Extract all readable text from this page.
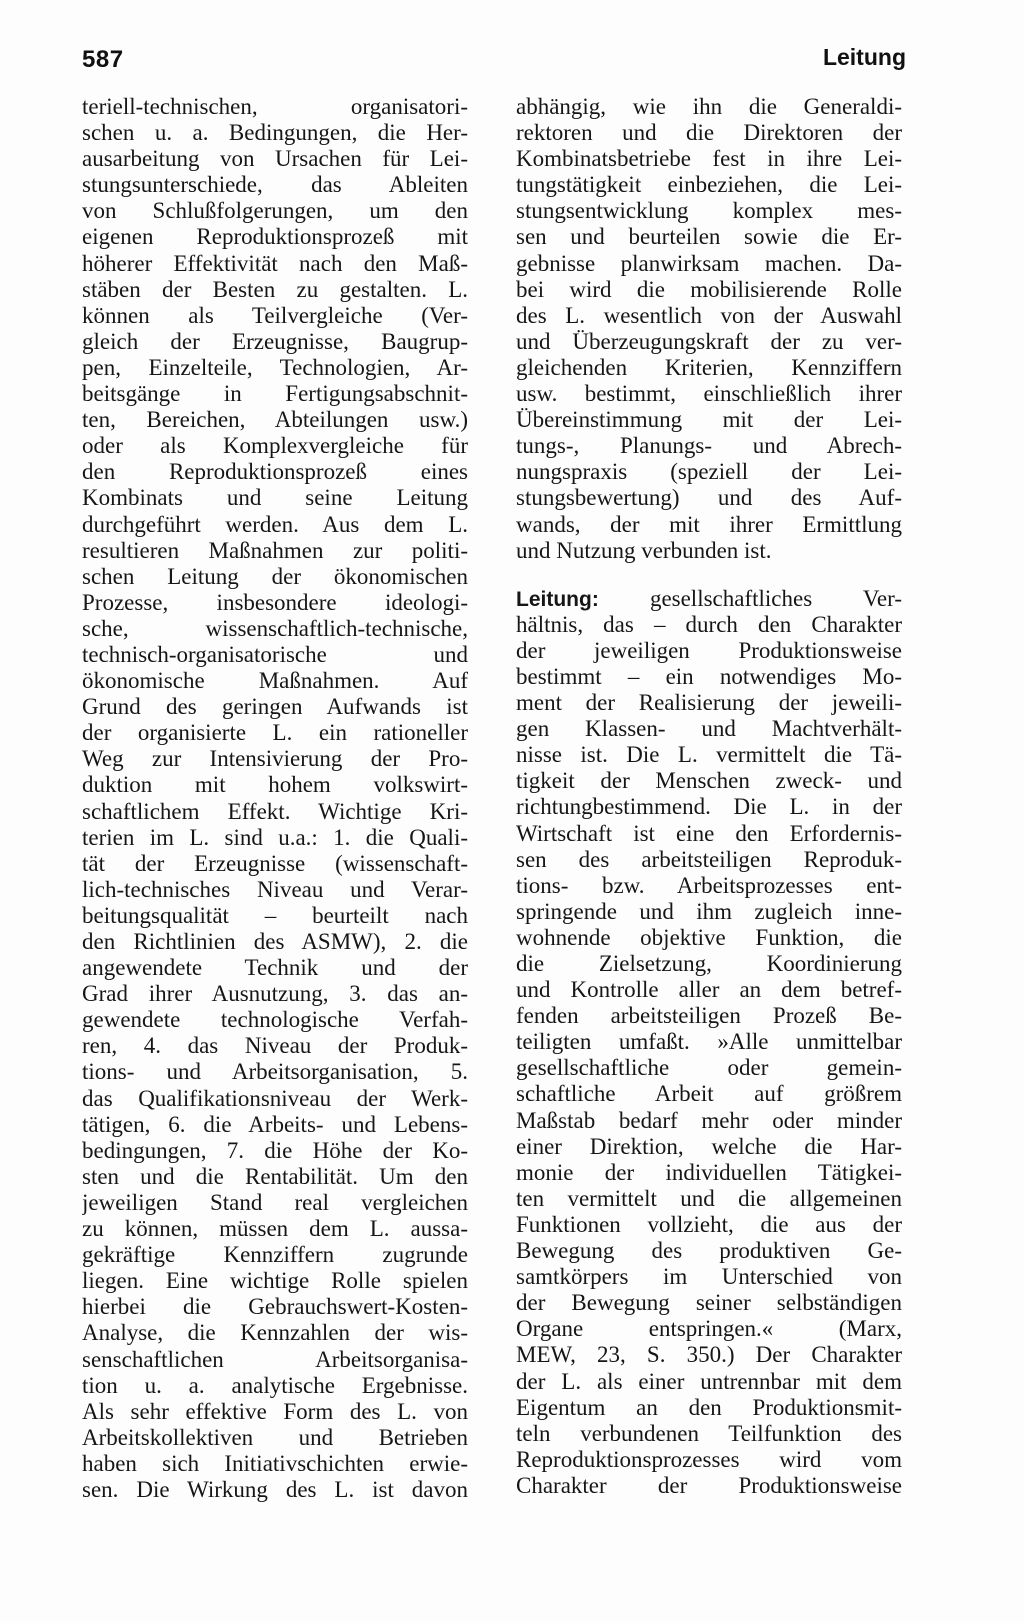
587	Leitung
teriell-technischen, organisatori-
schen u. a. Bedingungen, die Her-
ausarbeitung von Ursachen für Lei-
stungsunterschiede, das Ableiten
von Schlußfolgerungen, um den
eigenen Reproduktionsprozeß mit
höherer Effektivität nach den Maß-
stäben der Besten zu gestalten. L.
können als Teilvergleiche (Ver-
gleich der Erzeugnisse, Baugrup-
pen, Einzelteile, Technologien, Ar-
beitsgänge in Fertigungsabschnit-
ten, Bereichen, Abteilungen usw.)
oder als Komplexvergleiche für
den Reproduktionsprozeß eines
Kombinats und seine Leitung
durchgeführt werden. Aus dem L.
resultieren Maßnahmen zur politi-
schen Leitung der ökonomischen
Prozesse, insbesondere ideologi-
sche, wissenschaftlich-technische,
technisch-organisatorische und
ökonomische Maßnahmen. Auf
Grund des geringen Aufwands ist
der organisierte L. ein rationeller
Weg zur Intensivierung der Pro-
duktion mit hohem volkswirt-
schaftlichem Effekt. Wichtige Kri-
terien im L. sind u.a.: 1. die Quali-
tät der Erzeugnisse (wissenschaft-
lich-technisches Niveau und Verar-
beitungsqualität – beurteilt nach
den Richtlinien des ASMW), 2. die
angewendete Technik und der
Grad ihrer Ausnutzung, 3. das an-
gewendete technologische Verfah-
ren, 4. das Niveau der Produk-
tions- und Arbeitsorganisation, 5.
das Qualifikationsniveau der Werk-
tätigen, 6. die Arbeits- und Lebens-
bedingungen, 7. die Höhe der Ko-
sten und die Rentabilität. Um den
jeweiligen Stand real vergleichen
zu können, müssen dem L. aussa-
gekräftige Kennziffern zugrunde
liegen. Eine wichtige Rolle spielen
hierbei die Gebrauchswert-Kosten-
Analyse, die Kennzahlen der wis-
senschaftlichen Arbeitsorganisa-
tion u. a. analytische Ergebnisse.
Als sehr effektive Form des L. von
Arbeitskollektiven und Betrieben
haben sich Initiativschichten erwie-
sen. Die Wirkung des L. ist davon
abhängig, wie ihn die Generaldi-
rektoren und die Direktoren der
Kombinatsbetriebe fest in ihre Lei-
tungstätigkeit einbeziehen, die Lei-
stungsentwicklung komplex mes-
sen und beurteilen sowie die Er-
gebnisse planwirksam machen. Da-
bei wird die mobilisierende Rolle
des L. wesentlich von der Auswahl
und Überzeugungskraft der zu ver-
gleichenden Kriterien, Kennziffern
usw. bestimmt, einschließlich ihrer
Übereinstimmung mit der Lei-
tungs-, Planungs- und Abrech-
nungspraxis (speziell der Lei-
stungsbewertung) und des Auf-
wands, der mit ihrer Ermittlung
und Nutzung verbunden ist.
Leitung: gesellschaftliches Ver-
hältnis, das – durch den Charakter
der jeweiligen Produktionsweise
bestimmt – ein notwendiges Mo-
ment der Realisierung der jeweili-
gen Klassen- und Machtverhält-
nisse ist. Die L. vermittelt die Tä-
tigkeit der Menschen zweck- und
richtungbestimmend. Die L. in der
Wirtschaft ist eine den Erfordernis-
sen des arbeitsteiligen Reproduk-
tions- bzw. Arbeitsprozesses ent-
springende und ihm zugleich inne-
wohnende objektive Funktion, die
die Zielsetzung, Koordinierung
und Kontrolle aller an dem betref-
fenden arbeitsteiligen Prozeß Be-
teiligten umfaßt. »Alle unmittelbar
gesellschaftliche oder gemein-
schaftliche Arbeit auf größrem
Maßstab bedarf mehr oder minder
einer Direktion, welche die Har-
monie der individuellen Tätigkei-
ten vermittelt und die allgemeinen
Funktionen vollzieht, die aus der
Bewegung des produktiven Ge-
samtkörpers im Unterschied von
der Bewegung seiner selbständigen
Organe entspringen.« (Marx,
MEW, 23, S. 350.) Der Charakter
der L. als einer untrennbar mit dem
Eigentum an den Produktionsmit-
teln verbundenen Teilfunktion des
Reproduktionsprozesses wird vom
Charakter der Produktionsweise
